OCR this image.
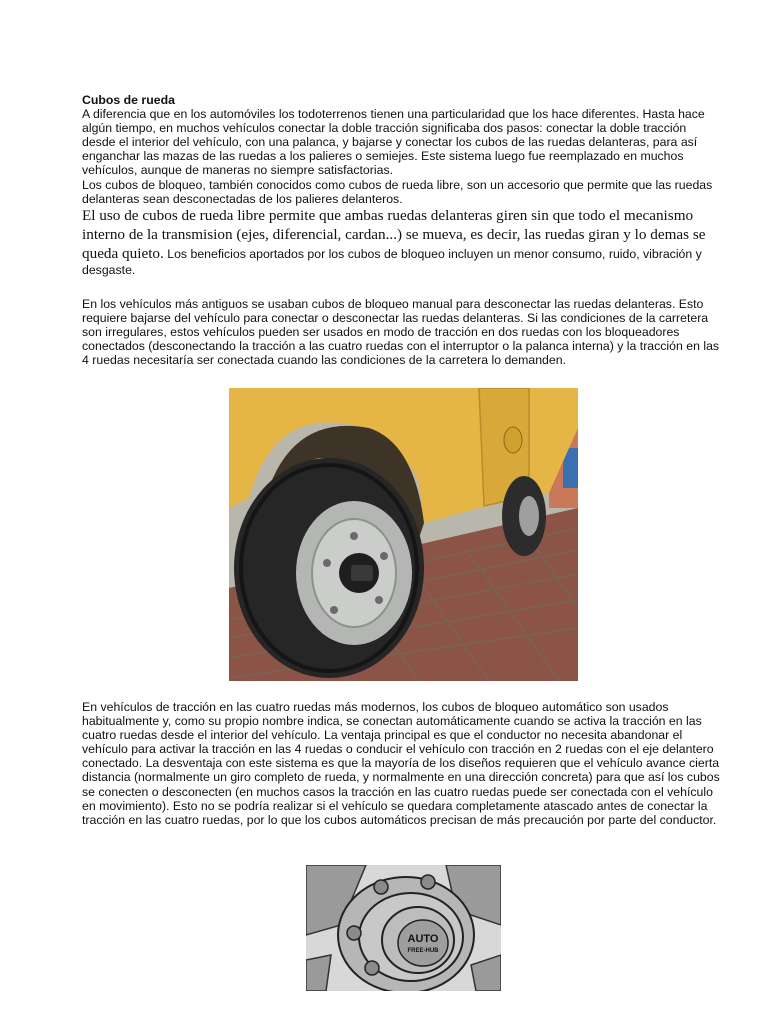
Cubos de rueda
A diferencia que en los automóviles los todoterrenos tienen una particularidad que los hace diferentes. Hasta hace algún tiempo, en muchos vehículos conectar la doble tracción significaba dos pasos: conectar la doble tracción desde el interior del vehículo, con una palanca, y bajarse y conectar los cubos de las ruedas delanteras, para así enganchar las mazas de las ruedas a los palieres o semiejes. Este sistema luego fue reemplazado en muchos vehículos, aunque de maneras no siempre satisfactorias.
Los cubos de bloqueo, también conocidos como cubos de rueda libre, son un accesorio que permite que las ruedas delanteras sean desconectadas de los palieres delanteros.
El uso de cubos de rueda libre permite que ambas ruedas delanteras giren sin que todo el mecanismo interno de la transmision (ejes, diferencial, cardan...) se mueva, es decir, las ruedas giran y lo demas se queda quieto. Los beneficios aportados por los cubos de bloqueo incluyen un menor consumo, ruido, vibración y desgaste.

En los vehículos más antiguos se usaban cubos de bloqueo manual para desconectar las ruedas delanteras. Esto requiere bajarse del vehículo para conectar o desconectar las ruedas delanteras. Si las condiciones de la carretera son irregulares, estos vehículos pueden ser usados en modo de tracción en dos ruedas con los bloqueadores conectados (desconectando la tracción a las cuatro ruedas con el interruptor o la palanca interna) y la tracción en las 4 ruedas necesitaría ser conectada cuando las condiciones de la carretera lo demanden.

En vehículos de tracción en las cuatro ruedas más modernos, los cubos de bloqueo automático son usados habitualmente y, como su propio nombre indica, se conectan automáticamente cuando se activa la tracción en las cuatro ruedas desde el interior del vehículo. La ventaja principal es que el conductor no necesita abandonar el vehículo para activar la tracción en las 4 ruedas o conducir el vehículo con tracción en 2 ruedas con el eje delantero conectado. La desventaja con este sistema es que la mayoría de los diseños requieren que el vehículo avance cierta distancia (normalmente un giro completo de rueda, y normalmente en una dirección concreta) para que así los cubos se conecten o desconecten (en muchos casos la tracción en las cuatro ruedas puede ser conectada con el vehículo en movimiento). Esto no se podría realizar si el vehículo se quedara completamente atascado antes de conectar la tracción en las cuatro ruedas, por lo que los cubos automáticos precisan de más precaución por parte del conductor.

AUTO
FREE-HUB
